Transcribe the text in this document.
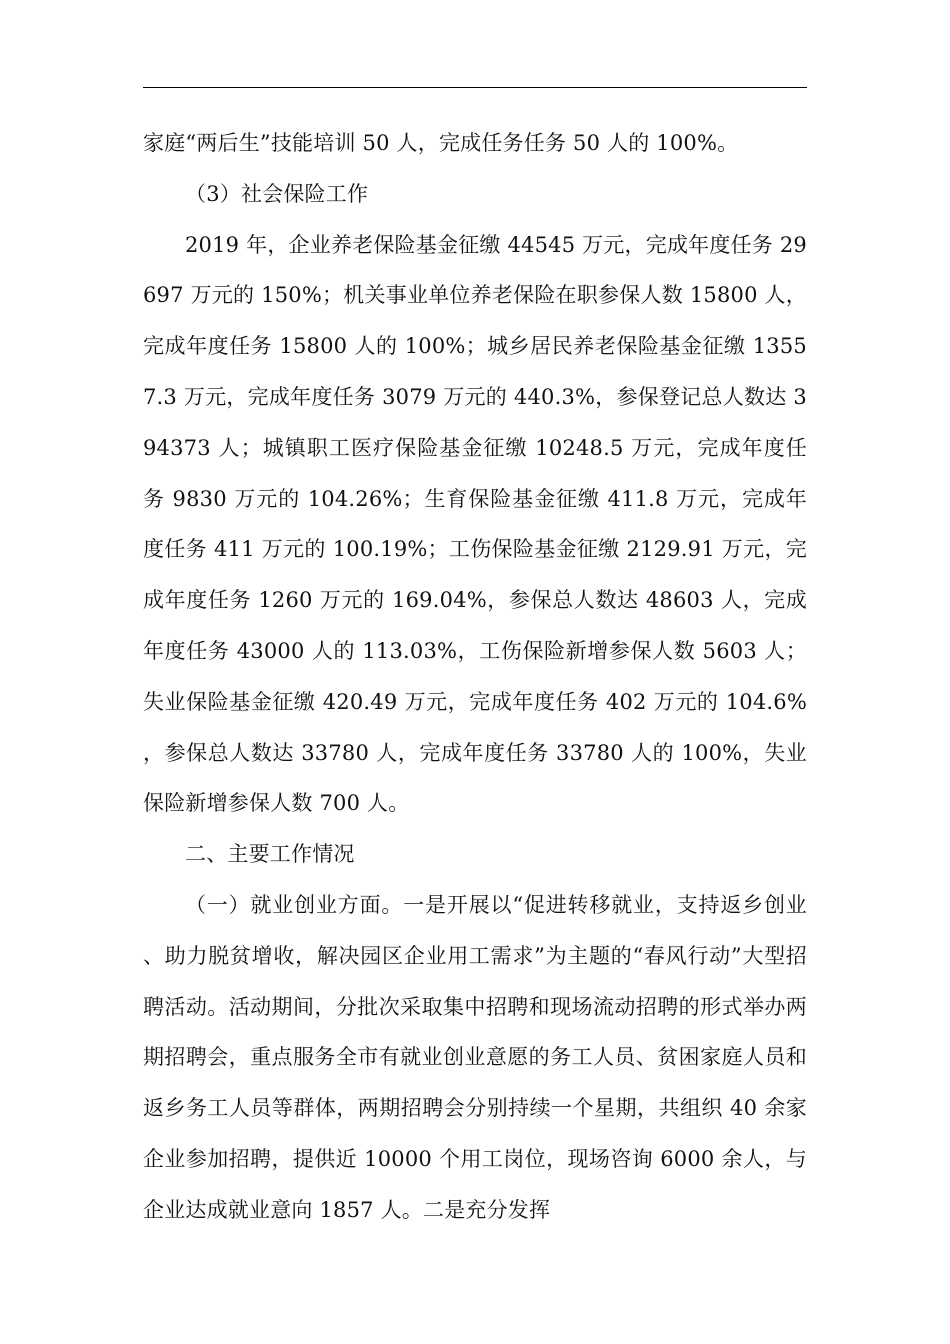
家庭“两后生”技能培训 50 人，完成任务任务 50 人的 100%。

（3）社会保险工作

2019 年，企业养老保险基金征缴 44545 万元，完成年度任务 29697 万元的 150%；机关事业单位养老保险在职参保人数 15800 人，完成年度任务 15800 人的 100%；城乡居民养老保险基金征缴 13557.3 万元，完成年度任务 3079 万元的 440.3%，参保登记总人数达 394373 人；城镇职工医疗保险基金征缴 10248.5 万元，完成年度任务 9830 万元的 104.26%；生育保险基金征缴 411.8 万元，完成年度任务 411 万元的 100.19%；工伤保险基金征缴 2129.91 万元，完成年度任务 1260 万元的 169.04%，参保总人数达 48603 人，完成年度任务 43000 人的 113.03%，工伤保险新增参保人数 5603 人；失业保险基金征缴 420.49 万元，完成年度任务 402 万元的 104.6%，参保总人数达 33780 人，完成年度任务 33780 人的 100%，失业保险新增参保人数 700 人。

二、主要工作情况

（一）就业创业方面。一是开展以“促进转移就业，支持返乡创业、助力脱贫增收，解决园区企业用工需求”为主题的“春风行动”大型招聘活动。活动期间，分批次采取集中招聘和现场流动招聘的形式举办两期招聘会，重点服务全市有就业创业意愿的务工人员、贫困家庭人员和返乡务工人员等群体，两期招聘会分别持续一个星期，共组织 40 余家企业参加招聘，提供近 10000 个用工岗位，现场咨询 6000 余人，与企业达成就业意向 1857 人。二是充分发挥
